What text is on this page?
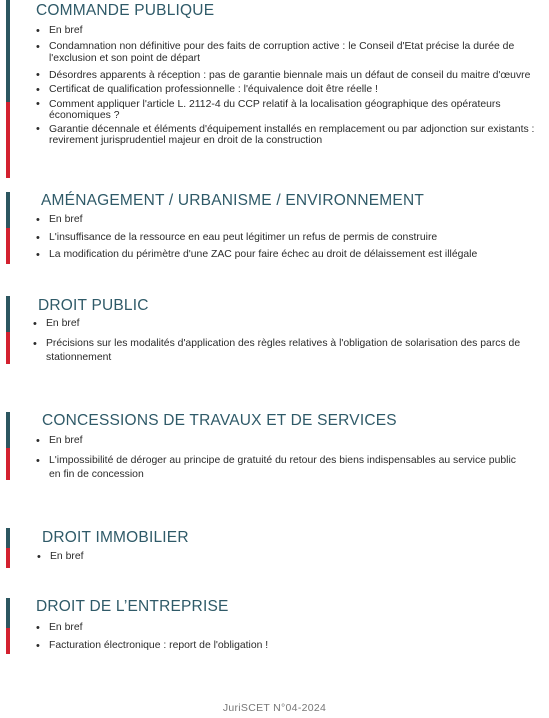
COMMANDE PUBLIQUE
• En bref
• Condamnation non définitive pour des faits de corruption active : le Conseil d'Etat précise la durée de l'exclusion et son point de départ
• Désordres apparents à réception : pas de garantie biennale mais un défaut de conseil du maitre d'œuvre
• Certificat de qualification professionnelle : l'équivalence doit être réelle !
• Comment appliquer l'article L. 2112-4 du CCP relatif à la localisation géographique des opérateurs économiques ?
• Garantie décennale et éléments d'équipement installés en remplacement ou par adjonction sur existants : revirement jurisprudentiel majeur en droit de la construction
AMÉNAGEMENT / URBANISME / ENVIRONNEMENT
• En bref
• L'insuffisance de la ressource en eau peut légitimer un refus de permis de construire
• La modification du périmètre d'une ZAC pour faire échec au droit de délaissement est illégale
DROIT PUBLIC
• En bref
• Précisions sur les modalités d'application des règles relatives à l'obligation de solarisation des parcs de stationnement
CONCESSIONS DE TRAVAUX ET DE SERVICES
• En bref
• L'impossibilité de déroger au principe de gratuité du retour des biens indispensables au service public en fin de concession
DROIT IMMOBILIER
• En bref
DROIT DE L’ENTREPRISE
• En bref
• Facturation électronique : report de l'obligation !
JuriSCET N°04-2024
